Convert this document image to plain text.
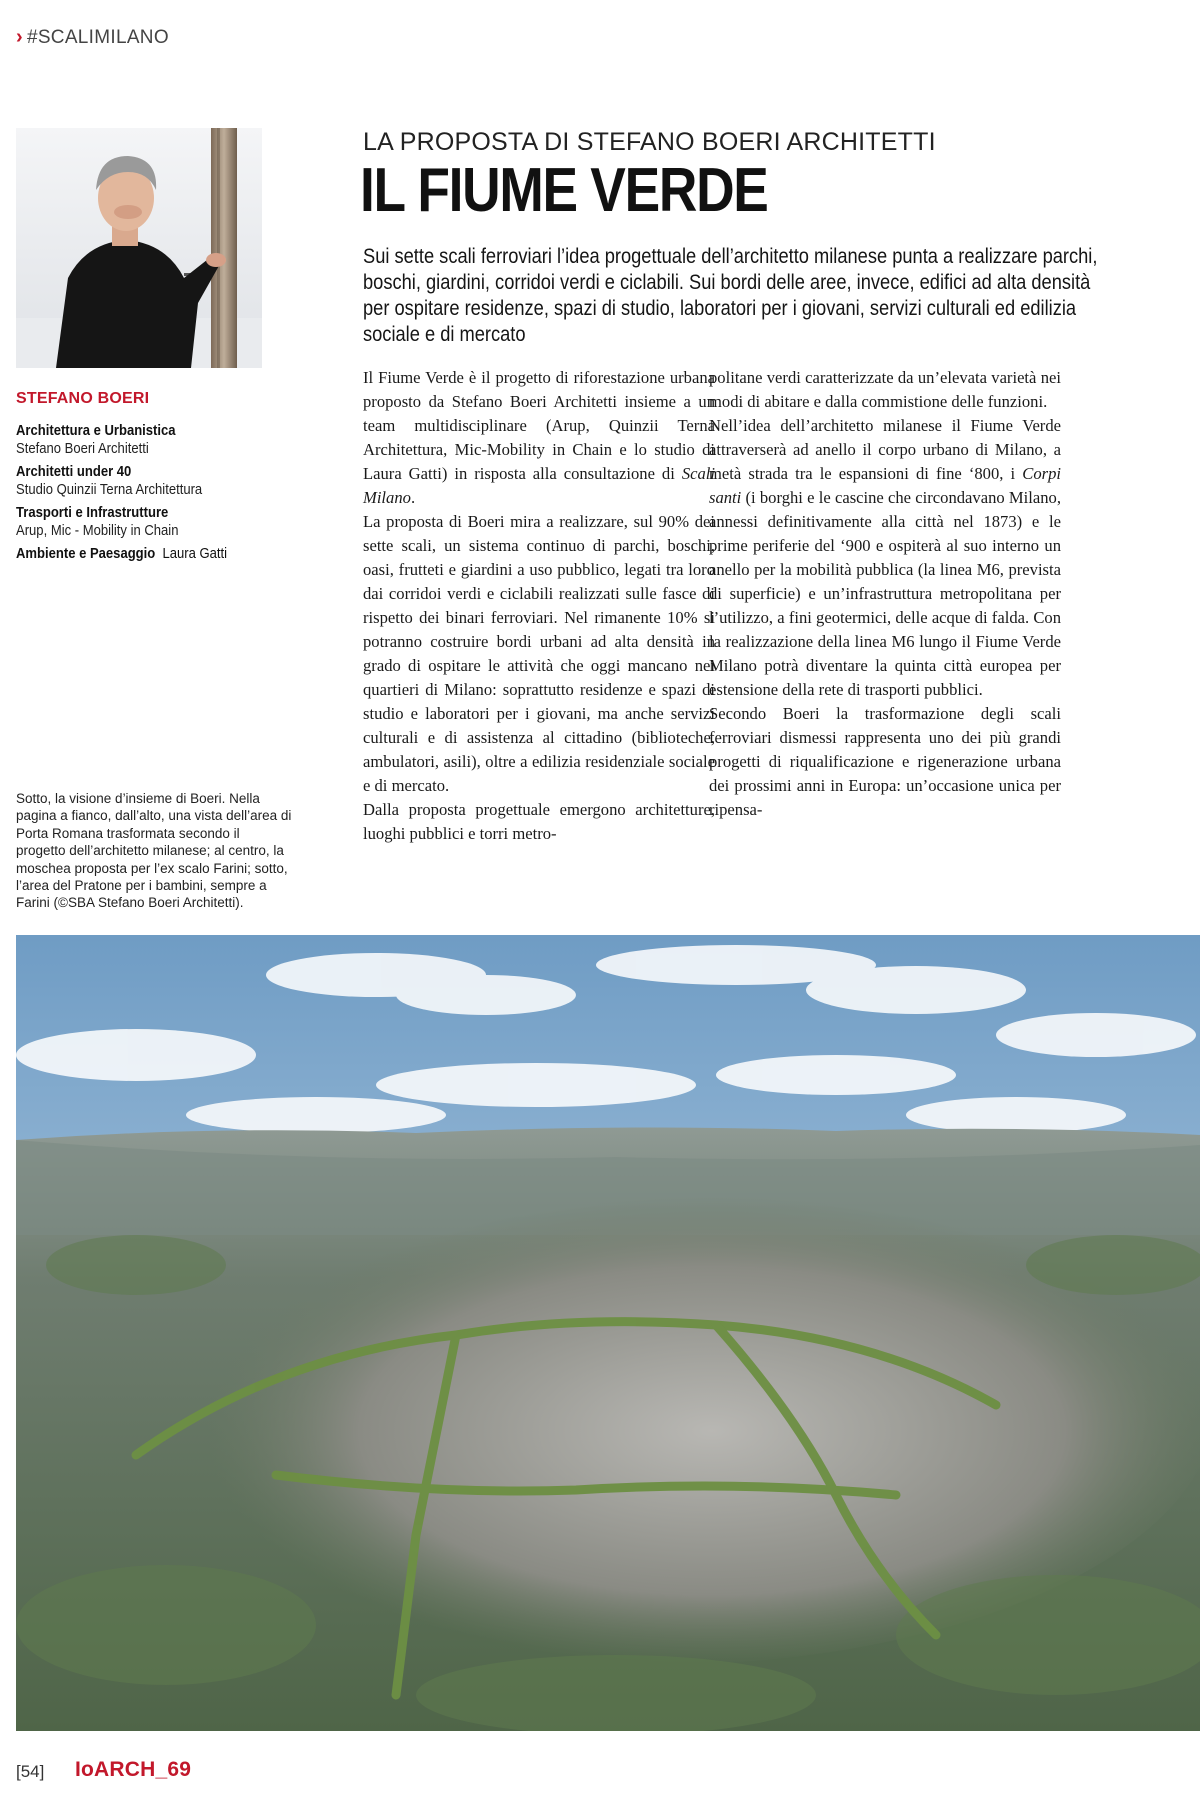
› #SCALIMILANO
LA PROPOSTA DI STEFANO BOERI ARCHITETTI
IL FIUME VERDE
Sui sette scali ferroviari l’idea progettuale dell’architetto milanese punta a realizzare parchi, boschi, giardini, corridoi verdi e ciclabili. Sui bordi delle aree, invece, edifici ad alta densità per ospitare residenze, spazi di studio, laboratori per i giovani, servizi culturali ed edilizia sociale e di mercato
STEFANO BOERI
Architettura e Urbanistica
Stefano Boeri Architetti
Architetti under 40
Studio Quinzii Terna Architettura
Trasporti e Infrastrutture
Arup, Mic - Mobility in Chain
Ambiente e Paesaggio Laura Gatti
Sotto, la visione d’insieme di Boeri. Nella pagina a fianco, dall’alto, una vista dell’area di Porta Romana trasformata secondo il progetto dell’architetto milanese; al centro, la moschea proposta per l’ex scalo Farini; sotto, l’area del Pratone per i bambini, sempre a Farini (©SBA Stefano Boeri Architetti).

Il Fiume Verde è il progetto di riforestazione urbana proposto da Stefano Boeri Architetti insieme a un team multidisciplinare (Arup, Quinzii Terna Architettura, Mic-Mobility in Chain e lo studio di Laura Gatti) in risposta alla consultazione di Scali Milano.

La proposta di Boeri mira a realizzare, sul 90% dei sette scali, un sistema continuo di parchi, boschi, oasi, frutteti e giardini a uso pubblico, legati tra loro dai corridoi verdi e ciclabili realizzati sulle fasce di rispetto dei binari ferroviari. Nel rimanente 10% si potranno costruire bordi urbani ad alta densità in grado di ospitare le attività che oggi mancano nei quartieri di Milano: soprattutto residenze e spazi di studio e laboratori per i giovani, ma anche servizi culturali e di assistenza al cittadino (biblioteche, ambulatori, asili), oltre a edilizia residenziale sociale e di mercato.

Dalla proposta progettuale emergono architetture, luoghi pubblici e torri metro-

politane verdi caratterizzate da un’elevata varietà nei modi di abitare e dalla commistione delle funzioni.

Nell’idea dell’architetto milanese il Fiume Verde attraverserà ad anello il corpo urbano di Milano, a metà strada tra le espansioni di fine ‘800, i Corpi santi (i borghi e le cascine che circondavano Milano, annessi definitivamente alla città nel 1873) e le prime periferie del ‘900 e ospiterà al suo interno un anello per la mobilità pubblica (la linea M6, prevista di superficie) e un’infrastruttura metropolitana per l’utilizzo, a fini geotermici, delle acque di falda. Con la realizzazione della linea M6 lungo il Fiume Verde Milano potrà diventare la quinta città europea per estensione della rete di trasporti pubblici.

Secondo Boeri la trasformazione degli scali ferroviari dismessi rappresenta uno dei più grandi progetti di riqualificazione e rigenerazione urbana dei prossimi anni in Europa: un’occasione unica per ripensa-

[54] IoARCH_69
